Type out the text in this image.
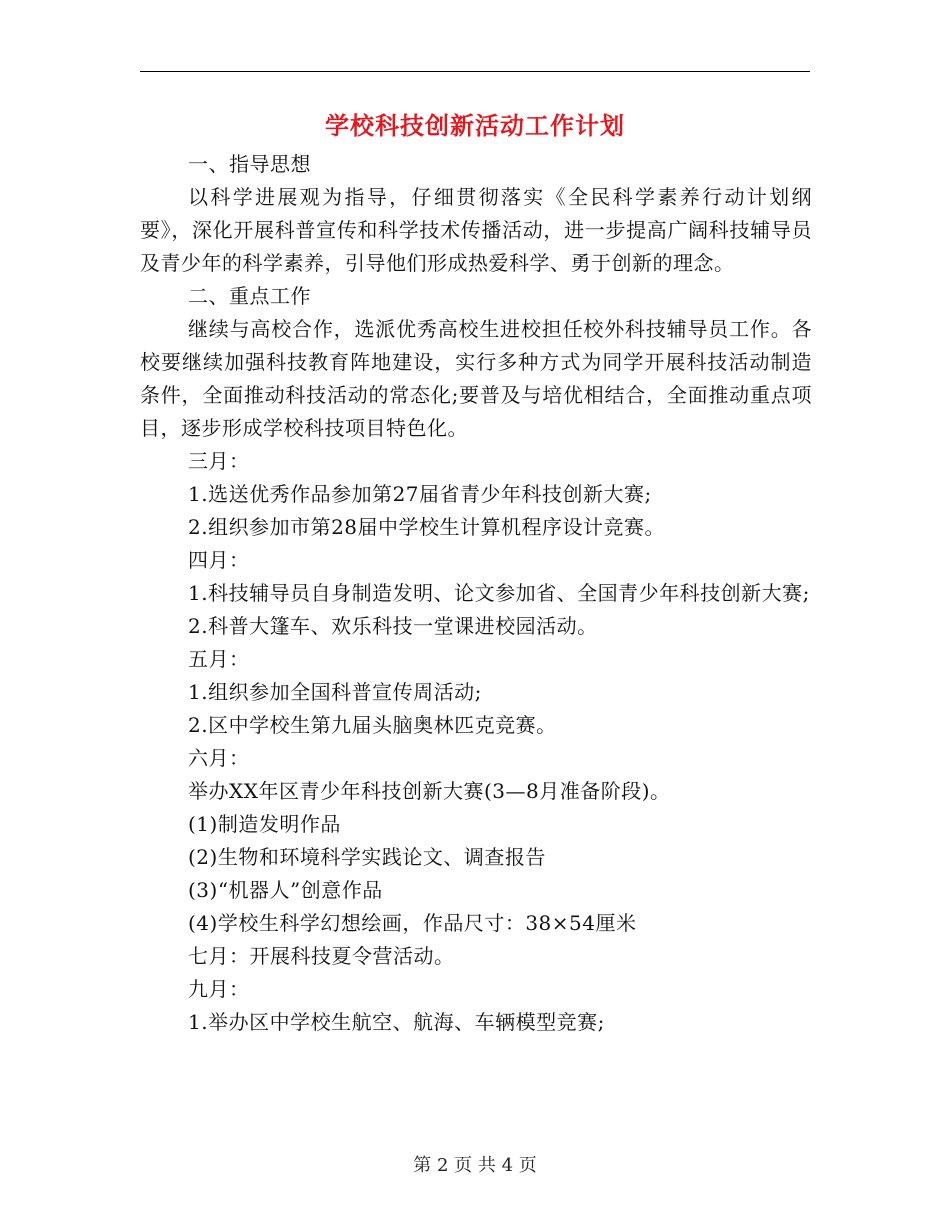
学校科技创新活动工作计划

一、指导思想

以科学进展观为指导，仔细贯彻落实《全民科学素养行动计划纲要》，深化开展科普宣传和科学技术传播活动，进一步提高广阔科技辅导员及青少年的科学素养，引导他们形成热爱科学、勇于创新的理念。

二、重点工作

继续与高校合作，选派优秀高校生进校担任校外科技辅导员工作。各校要继续加强科技教育阵地建设，实行多种方式为同学开展科技活动制造条件，全面推动科技活动的常态化;要普及与培优相结合，全面推动重点项目，逐步形成学校科技项目特色化。

三月：

1.选送优秀作品参加第27届省青少年科技创新大赛;

2.组织参加市第28届中学校生计算机程序设计竞赛。

四月：

1.科技辅导员自身制造发明、论文参加省、全国青少年科技创新大赛;

2.科普大篷车、欢乐科技一堂课进校园活动。

五月：

1.组织参加全国科普宣传周活动;

2.区中学校生第九届头脑奥林匹克竞赛。

六月：

举办XX年区青少年科技创新大赛(3—8月准备阶段)。

(1)制造发明作品

(2)生物和环境科学实践论文、调查报告

(3)“机器人”创意作品

(4)学校生科学幻想绘画，作品尺寸：38×54厘米

七月：开展科技夏令营活动。

九月：

1.举办区中学校生航空、航海、车辆模型竞赛;

第 2 页 共 4 页
